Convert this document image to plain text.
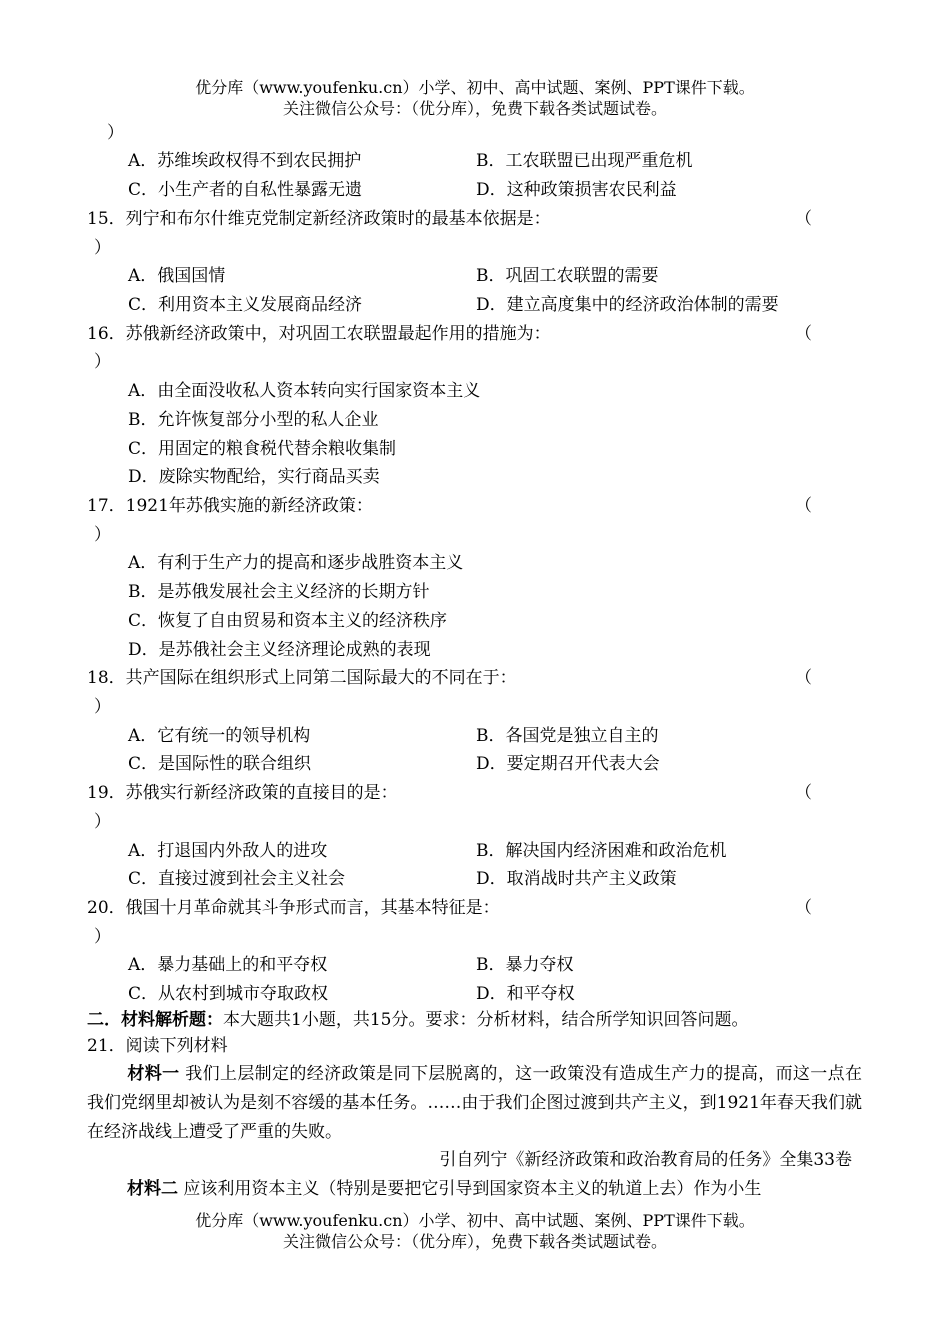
优分库（www.youfenku.cn）小学、初中、高中试题、案例、PPT课件下载。
关注微信公众号：（优分库），免费下载各类试题试卷。
）
A．苏维埃政权得不到农民拥护	B．工农联盟已出现严重危机
C．小生产者的自私性暴露无遗	D．这种政策损害农民利益
15．列宁和布尔什维克党制定新经济政策时的最基本依据是：	（
）
A．俄国国情	B．巩固工农联盟的需要
C．利用资本主义发展商品经济	D．建立高度集中的经济政治体制的需要
16．苏俄新经济政策中，对巩固工农联盟最起作用的措施为：	（
）
A．由全面没收私人资本转向实行国家资本主义
B．允许恢复部分小型的私人企业
C．用固定的粮食税代替余粮收集制
D．废除实物配给，实行商品买卖
17．1921年苏俄实施的新经济政策：	（
）
A．有利于生产力的提高和逐步战胜资本主义
B．是苏俄发展社会主义经济的长期方针
C．恢复了自由贸易和资本主义的经济秩序
D．是苏俄社会主义经济理论成熟的表现
18．共产国际在组织形式上同第二国际最大的不同在于：	（
）
A．它有统一的领导机构	B．各国党是独立自主的
C．是国际性的联合组织	D．要定期召开代表大会
19．苏俄实行新经济政策的直接目的是：	（
）
A．打退国内外敌人的进攻	B．解决国内经济困难和政治危机
C．直接过渡到社会主义社会	D．取消战时共产主义政策
20．俄国十月革命就其斗争形式而言，其基本特征是：	（
）
A．暴力基础上的和平夺权	B．暴力夺权
C．从农村到城市夺取政权	D．和平夺权
二．材料解析题：本大题共1小题，共15分。要求：分析材料，结合所学知识回答问题。
21．阅读下列材料
材料一 我们上层制定的经济政策是同下层脱离的，这一政策没有造成生产力的提高，而这一点在我们党纲里却被认为是刻不容缓的基本任务。……由于我们企图过渡到共产主义，到1921年春天我们就在经济战线上遭受了严重的失败。
引自列宁《新经济政策和政治教育局的任务》全集33卷
材料二 应该利用资本主义（特别是要把它引导到国家资本主义的轨道上去）作为小生
优分库（www.youfenku.cn）小学、初中、高中试题、案例、PPT课件下载。
关注微信公众号：（优分库），免费下载各类试题试卷。
